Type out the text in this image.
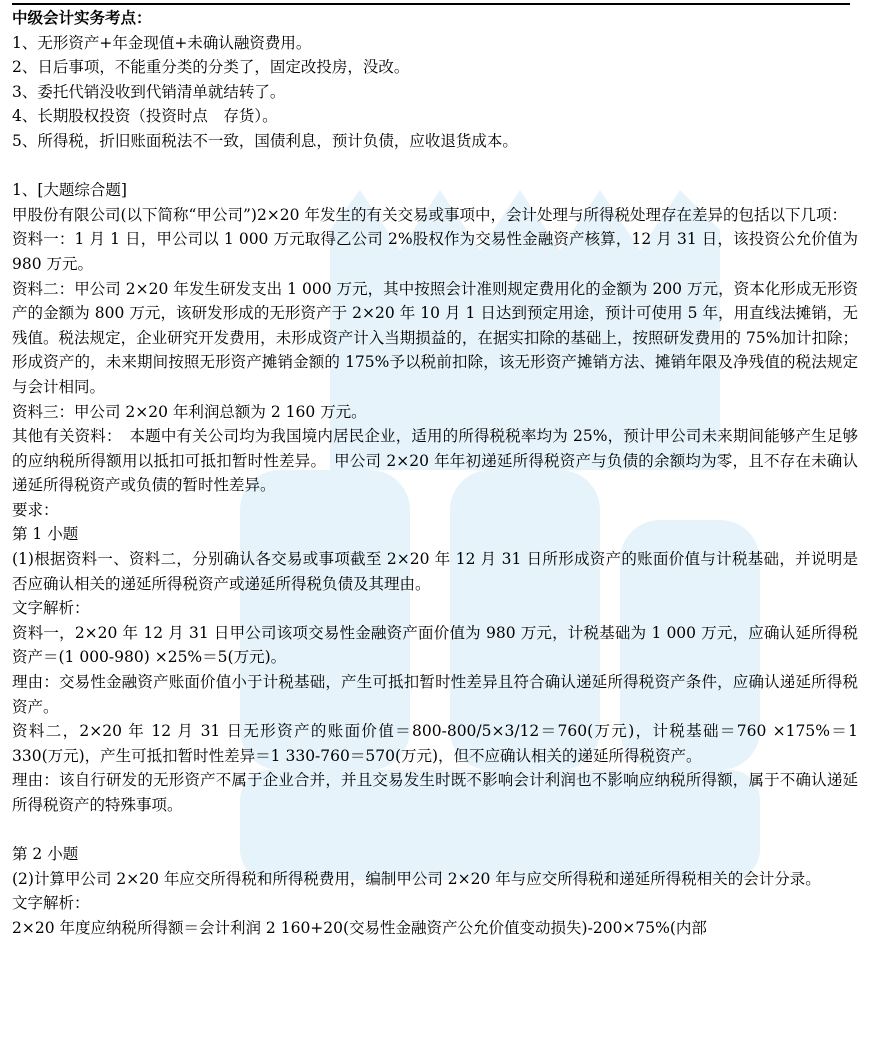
中级会计实务考点：
1、无形资产+年金现值+未确认融资费用。
2、日后事项，不能重分类的分类了，固定改投房，没改。
3、委托代销没收到代销清单就结转了。
4、长期股权投资（投资时点　存货）。
5、所得税，折旧账面税法不一致，国债利息，预计负债，应收退货成本。
1、[大题综合题]
甲股份有限公司(以下简称“甲公司”)2×20 年发生的有关交易或事项中，会计处理与所得税处理存在差异的包括以下几项：
资料一：1 月 1 日，甲公司以 1 000 万元取得乙公司 2%股权作为交易性金融资产核算，12 月 31 日，该投资公允价值为 980 万元。
资料二：甲公司 2×20 年发生研发支出 1 000 万元，其中按照会计准则规定费用化的金额为 200 万元，资本化形成无形资产的金额为 800 万元，该研发形成的无形资产于 2×20 年 10 月 1 日达到预定用途，预计可使用 5 年，用直线法摊销，无残值。税法规定，企业研究开发费用，未形成资产计入当期损益的，在据实扣除的基础上，按照研发费用的 75%加计扣除；形成资产的，未来期间按照无形资产摊销金额的 175%予以税前扣除，该无形资产摊销方法、摊销年限及净残值的税法规定与会计相同。
资料三：甲公司 2×20 年利润总额为 2 160 万元。
其他有关资料：　本题中有关公司均为我国境内居民企业，适用的所得税税率均为 25%，预计甲公司未来期间能够产生足够的应纳税所得额用以抵扣可抵扣暂时性差异。　甲公司 2×20 年年初递延所得税资产与负债的余额均为零，且不存在未确认递延所得税资产或负债的暂时性差异。
要求：
第 1 小题
(1)根据资料一、资料二，分别确认各交易或事项截至 2×20 年 12 月 31 日所形成资产的账面价值与计税基础，并说明是否应确认相关的递延所得税资产或递延所得税负债及其理由。
文字解析：
资料一，2×20 年 12 月 31 日甲公司该项交易性金融资产面价值为 980 万元，计税基础为 1 000 万元，应确认延所得税资产＝(1 000-980) ×25%＝5(万元)。
理由：交易性金融资产账面价值小于计税基础，产生可抵扣暂时性差异且符合确认递延所得税资产条件，应确认递延所得税资产。
资料二，2×20 年 12 月 31 日无形资产的账面价值＝800-800/5×3/12＝760(万元)，计税基础＝760 ×175%＝1 330(万元)，产生可抵扣暂时性差异＝1 330-760＝570(万元)，但不应确认相关的递延所得税资产。
理由：该自行研发的无形资产不属于企业合并，并且交易发生时既不影响会计利润也不影响应纳税所得额，属于不确认递延所得税资产的特殊事项。
第 2 小题
(2)计算甲公司 2×20 年应交所得税和所得税费用，编制甲公司 2×20 年与应交所得税和递延所得税相关的会计分录。
文字解析：
2×20 年度应纳税所得额＝会计利润 2 160+20(交易性金融资产公允价值变动损失)-200×75%(内部
